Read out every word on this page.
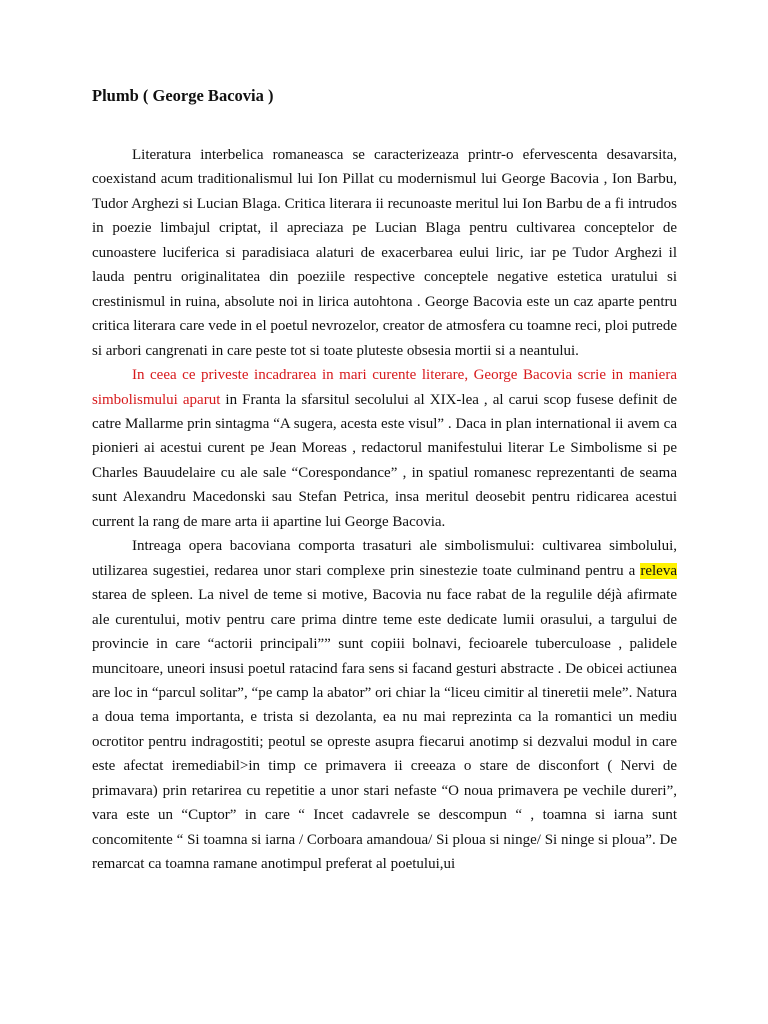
Plumb ( George Bacovia )

Literatura interbelica romaneasca se caracterizeaza printr-o efervescenta desavarsita, coexistand acum traditionalismul lui Ion Pillat cu modernismul lui George Bacovia , Ion Barbu, Tudor Arghezi si Lucian Blaga. Critica literara ii recunoaste meritul lui Ion Barbu de a fi intrudos in poezie limbajul criptat, il apreciaza pe Lucian Blaga pentru cultivarea conceptelor de cunoastere luciferica si paradisiaca alaturi de exacerbarea eului liric, iar pe Tudor Arghezi il lauda pentru originalitatea din poeziile respective conceptele negative estetica uratului si crestinismul in ruina, absolute noi in lirica autohtona . George Bacovia este un caz aparte pentru critica literara care vede in el poetul nevrozelor, creator de atmosfera cu toamne reci, ploi putrede si arbori cangrenati in care peste tot si toate pluteste obsesia mortii si a neantului.

In ceea ce priveste incadrarea in mari curente literare, George Bacovia scrie in maniera simbolismului aparut in Franta la sfarsitul secolului al XIX-lea , al carui scop fusese definit de catre Mallarme prin sintagma “A sugera, acesta este visul” . Daca in plan international ii avem ca pionieri ai acestui curent pe Jean Moreas , redactorul manifestului literar Le Simbolisme si pe Charles Bauudelaire cu ale sale “Corespondance” , in spatiul romanesc reprezentanti de seama sunt Alexandru Macedonski sau Stefan Petrica, insa meritul deosebit pentru ridicarea acestui current la rang de mare arta ii apartine lui George Bacovia.

Intreaga opera bacoviana comporta trasaturi ale simbolismului: cultivarea simbolului, utilizarea sugestiei, redarea unor stari complexe prin sinestezie toate culminand pentru a releva starea de spleen. La nivel de teme si motive, Bacovia nu face rabat de la regulile déjà afirmate ale curentului, motiv pentru care prima dintre teme este dedicate lumii orasului, a targului de provincie in care “actorii principali”” sunt copiii bolnavi, fecioarele tuberculoase , palidele muncitoare, uneori insusi poetul ratacind fara sens si facand gesturi abstracte . De obicei actiunea are loc in “parcul solitar”, “pe camp la abator” ori chiar la “liceu cimitir al tineretii mele”. Natura a doua tema importanta, e trista si dezolanta, ea nu mai reprezinta ca la romantici un mediu ocrotitor pentru indragostiti; peotul se opreste asupra fiecarui anotimp si dezvalui modul in care este afectat iremediabil>in timp ce primavera ii creeaza o stare de disconfort ( Nervi de primavara) prin retarirea cu repetitie a unor stari nefaste “O noua primavera pe vechile dureri”, vara este un “Cuptor” in care “ Incet cadavrele se descompun “ , toamna si iarna sunt concomitente “ Si toamna si iarna / Corboara amandoua/ Si ploua si ninge/ Si ninge si ploua”. De remarcat ca toamna ramane anotimpul preferat al poetului,ui
